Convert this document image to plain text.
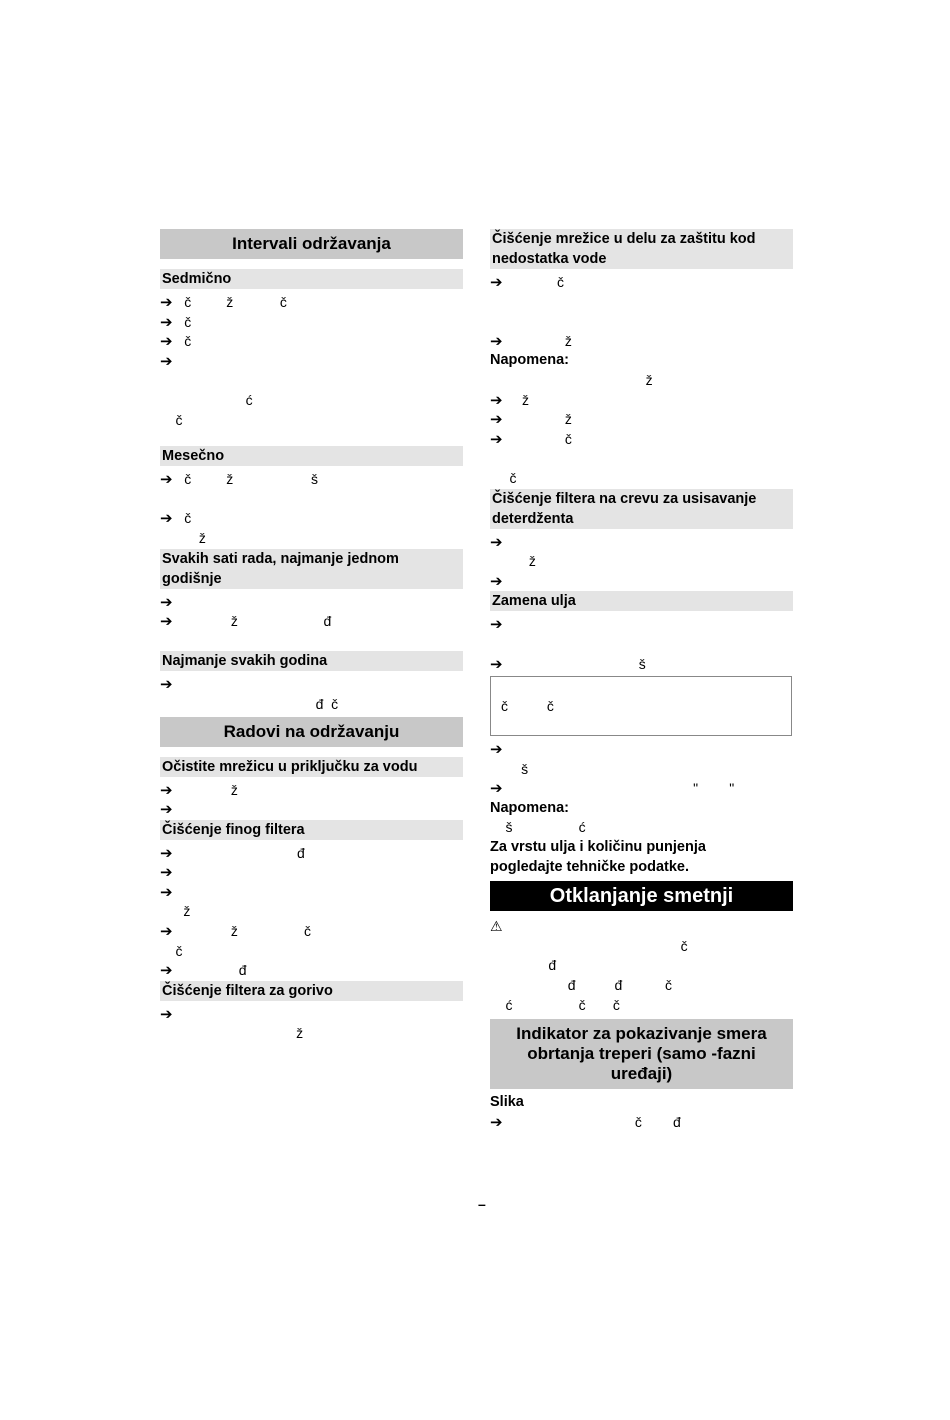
Intervali održavanja
Sedmično
➔   č         ž            č
➔   č
➔   č
➔
ć
č
Mesečno
➔   č         ž                    š
➔   č
ž
Svakih sati rada, najmanje jednom godišnje
➔
➔               ž                      đ
Najmanje svakih godina
➔
đ  č
Radovi na održavanju
Očistite mrežicu u priključku za vodu
➔               ž
➔
Čišćenje finog filtera
➔                                đ
➔
➔
ž
➔               ž                 č
č
➔                 đ
Čišćenje filtera za gorivo
➔
ž
Čišćenje mrežice u delu za zaštitu kod nedostatka vode
➔              č
➔                ž
Napomena:
ž
➔     ž
➔                ž
➔                č
č
Čišćenje filtera na crevu za usisavanje deterdženta
➔
ž
➔
Zamena ulja
➔
➔                                   š
č          č
➔
š
➔                                                 "        "
Napomena:
š                 ć
Za vrstu ulja i količinu punjenja
pogledajte tehničke podatke.
Otklanjanje smetnji
⚠
č
đ
đ          đ           č
ć                 č       č
Indikator za pokazivanje smera obrtanja treperi (samo -fazni uređaji)
Slika
➔                                  č        đ
–
